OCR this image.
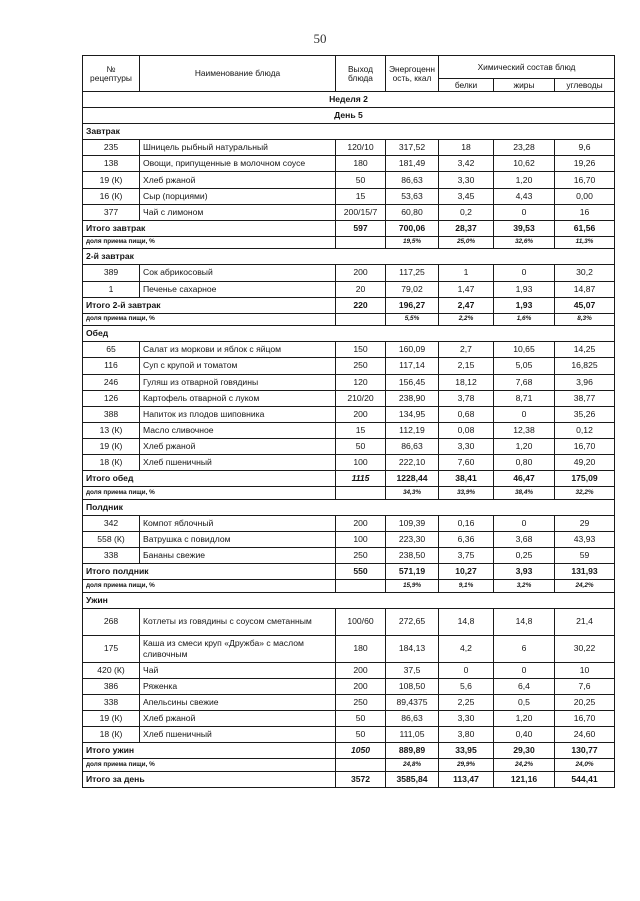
50
№ рецептуры	Наименование блюда	Выход блюда	Энергоценн ость, ккал	Химический состав блюд		
				белки	жиры	углеводы
Неделя 2						
День 5						
Завтрак						
235	Шницель рыбный натуральный	120/10	317,52	18	23,28	9,6
138	Овощи, припущенные в молочном соусе	180	181,49	3,42	10,62	19,26
19 (К)	Хлеб ржаной	50	86,63	3,30	1,20	16,70
16 (К)	Сыр (порциями)	15	53,63	3,45	4,43	0,00
377	Чай с лимоном	200/15/7	60,80	0,2	0	16
Итого завтрак		597	700,06	28,37	39,53	61,56
доля приема пищи, %			19,5%	25,0%	32,6%	11,3%
2-й завтрак						
389	Сок абрикосовый	200	117,25	1	0	30,2
1	Печенье сахарное	20	79,02	1,47	1,93	14,87
Итого 2-й завтрак		220	196,27	2,47	1,93	45,07
доля приема пищи, %			5,5%	2,2%	1,6%	8,3%
Обед						
65	Салат из моркови и яблок с яйцом	150	160,09	2,7	10,65	14,25
116	Суп с крупой и томатом	250	117,14	2,15	5,05	16,825
246	Гуляш из отварной говядины	120	156,45	18,12	7,68	3,96
126	Картофель отварной с луком	210/20	238,90	3,78	8,71	38,77
388	Напиток из плодов шиповника	200	134,95	0,68	0	35,26
13 (К)	Масло сливочное	15	112,19	0,08	12,38	0,12
19 (К)	Хлеб ржаной	50	86,63	3,30	1,20	16,70
18 (К)	Хлеб пшеничный	100	222,10	7,60	0,80	49,20
Итого обед		1115	1228,44	38,41	46,47	175,09
доля приема пищи, %			34,3%	33,9%	38,4%	32,2%
Полдник						
342	Компот яблочный	200	109,39	0,16	0	29
558 (К)	Ватрушка с повидлом	100	223,30	6,36	3,68	43,93
338	Бананы свежие	250	238,50	3,75	0,25	59
Итого полдник		550	571,19	10,27	3,93	131,93
доля приема пищи, %			15,9%	9,1%	3,2%	24,2%
Ужин						
268	Котлеты из говядины с соусом сметанным	100/60	272,65	14,8	14,8	21,4
175	Каша из смеси круп «Дружба» с маслом сливочным	180	184,13	4,2	6	30,22
420 (К)	Чай	200	37,5	0	0	10
386	Ряженка	200	108,50	5,6	6,4	7,6
338	Апельсины свежие	250	89,4375	2,25	0,5	20,25
19 (К)	Хлеб ржаной	50	86,63	3,30	1,20	16,70
18 (К)	Хлеб пшеничный	50	111,05	3,80	0,40	24,60
Итого ужин		1050	889,89	33,95	29,30	130,77
доля приема пищи, %			24,8%	29,9%	24,2%	24,0%
Итого за день		3572	3585,84	113,47	121,16	544,41
